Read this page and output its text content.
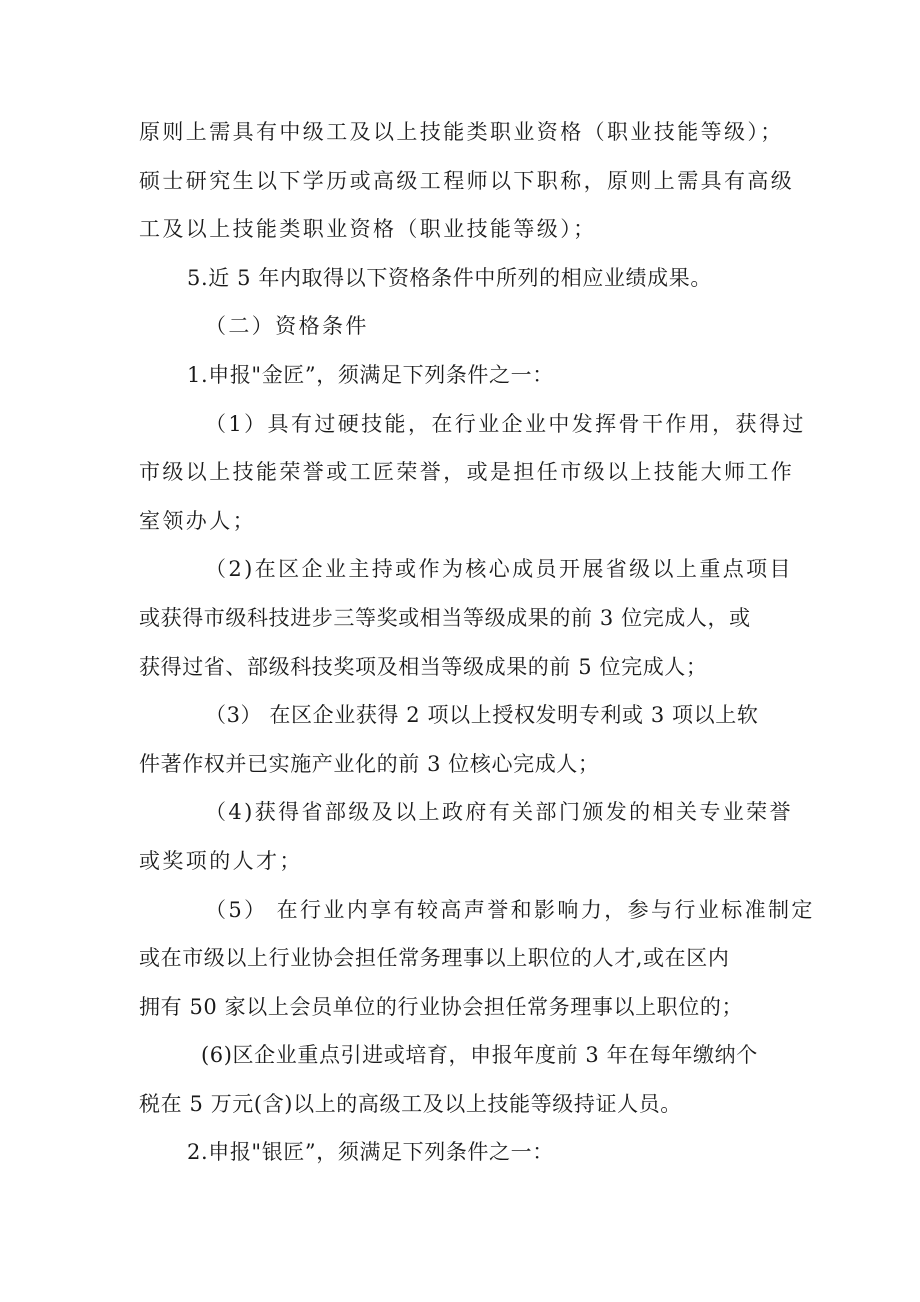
原则上需具有中级工及以上技能类职业资格（职业技能等级）；
硕士研究生以下学历或高级工程师以下职称，原则上需具有高级
工及以上技能类职业资格（职业技能等级）；
5.近 5 年内取得以下资格条件中所列的相应业绩成果。
（二）资格条件
1.申报"金匠”，须满足下列条件之一：
（1）具有过硬技能，在行业企业中发挥骨干作用，获得过
市级以上技能荣誉或工匠荣誉，或是担任市级以上技能大师工作
室领办人；
（2)在区企业主持或作为核心成员开展省级以上重点项目
或获得市级科技进步三等奖或相当等级成果的前 3 位完成人，或
获得过省、部级科技奖项及相当等级成果的前 5 位完成人；
（3） 在区企业获得 2 项以上授权发明专利或 3 项以上软
件著作权并已实施产业化的前 3 位核心完成人；
（4)获得省部级及以上政府有关部门颁发的相关专业荣誉
或奖项的人才；
（5） 在行业内享有较高声誉和影响力，参与行业标准制定
或在市级以上行业协会担任常务理事以上职位的人才,或在区内
拥有 50 家以上会员单位的行业协会担任常务理事以上职位的；
(6)区企业重点引进或培育，申报年度前 3 年在每年缴纳个
税在 5 万元(含)以上的高级工及以上技能等级持证人员。
2.申报"银匠”，须满足下列条件之一：
